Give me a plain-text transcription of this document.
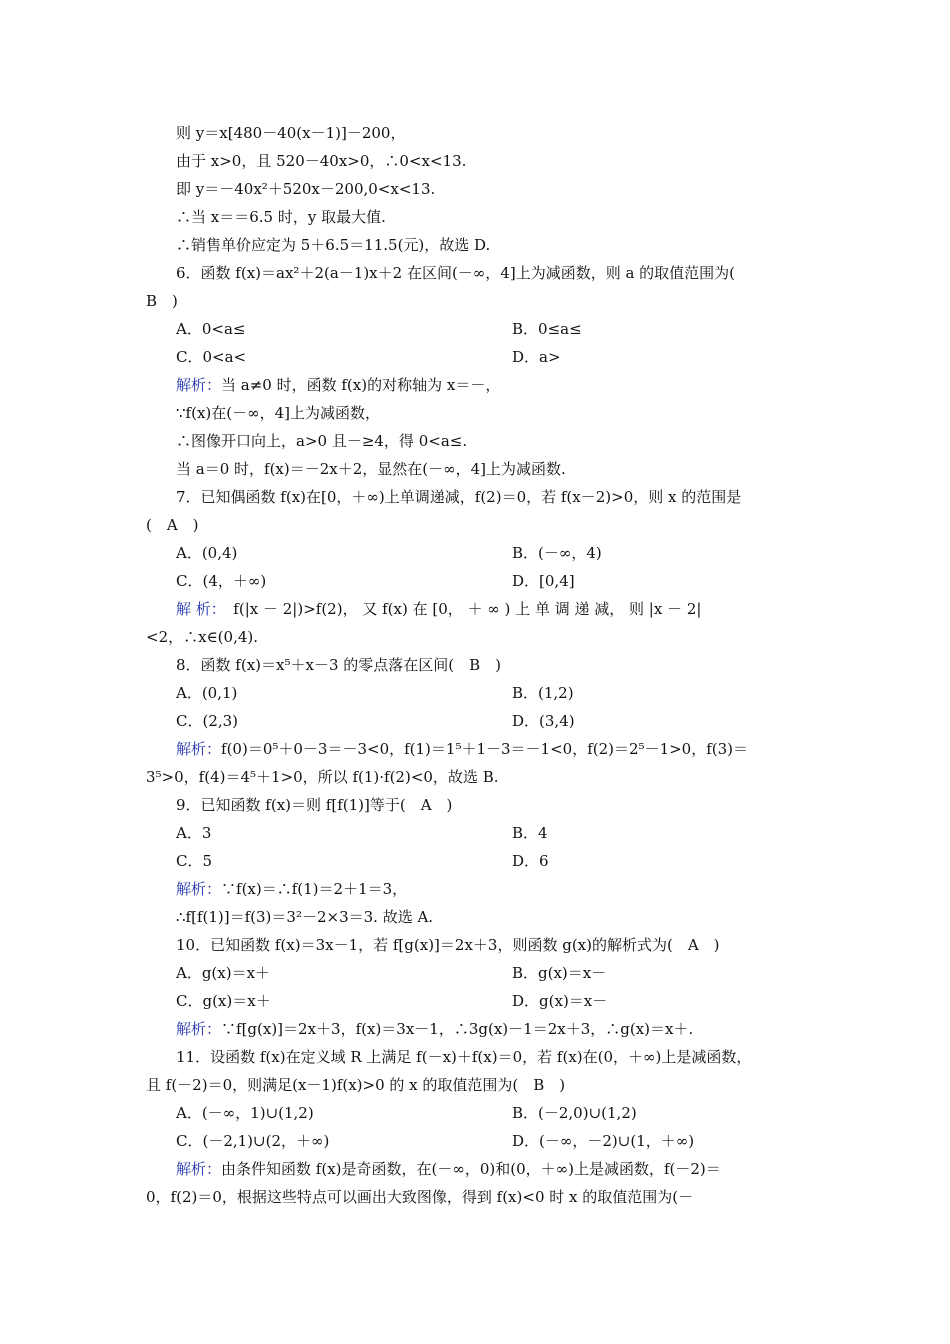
则 y＝x[480－40(x－1)]－200，
由于 x>0，且 520－40x>0，∴0<x<13.
即 y＝－40x²＋520x－200,0<x<13.
∴当 x＝＝6.5 时，y 取最大值.
∴销售单价应定为 5＋6.5＝11.5(元)，故选 D.
6．函数 f(x)＝ax²＋2(a－1)x＋2 在区间(－∞，4]上为减函数，则 a 的取值范围为(
B　)
A．0<a≤	B．0≤a≤
C．0<a<	D．a>
解析：当 a≠0 时，函数 f(x)的对称轴为 x＝－，
∵f(x)在(－∞，4]上为减函数，
∴图像开口向上，a>0 且－≥4，得 0<a≤.
当 a＝0 时，f(x)＝－2x＋2，显然在(－∞，4]上为减函数.
7．已知偶函数 f(x)在[0，＋∞)上单调递减，f(2)＝0，若 f(x－2)>0，则 x 的范围是
(　A　)
A．(0,4)	B．(－∞，4)
C．(4，＋∞)	D．[0,4]
解 析：　 f(|x － 2|)>f(2)， 又 f(x) 在 [0， ＋ ∞ ) 上 单 调 递 减， 则 |x － 2|
<2，∴x∈(0,4).
8．函数 f(x)＝x⁵＋x－3 的零点落在区间(　B　)
A．(0,1)	B．(1,2)
C．(2,3)	D．(3,4)
解析：f(0)＝0⁵＋0－3＝－3<0，f(1)＝1⁵＋1－3＝－1<0，f(2)＝2⁵－1>0，f(3)＝
3⁵>0，f(4)＝4⁵＋1>0，所以 f(1)·f(2)<0，故选 B.
9．已知函数 f(x)＝则 f[f(1)]等于(　A　)
A．3	B．4
C．5	D．6
解析：∵f(x)＝∴f(1)＝2＋1＝3，
∴f[f(1)]＝f(3)＝3²－2×3＝3. 故选 A.
10．已知函数 f(x)＝3x－1，若 f[g(x)]＝2x＋3，则函数 g(x)的解析式为(　A　)
A．g(x)＝x＋	B．g(x)＝x－
C．g(x)＝x＋	D．g(x)＝x－
解析：∵f[g(x)]＝2x＋3，f(x)＝3x－1，∴3g(x)－1＝2x＋3，∴g(x)＝x＋.
11．设函数 f(x)在定义域 R 上满足 f(－x)＋f(x)＝0，若 f(x)在(0，＋∞)上是减函数，
且 f(－2)＝0，则满足(x－1)f(x)>0 的 x 的取值范围为(　B　)
A．(－∞，1)∪(1,2)	B．(－2,0)∪(1,2)
C．(－2,1)∪(2，＋∞)	D．(－∞，－2)∪(1，＋∞)
解析：由条件知函数 f(x)是奇函数，在(－∞，0)和(0，＋∞)上是减函数，f(－2)＝
0，f(2)＝0，根据这些特点可以画出大致图像，得到 f(x)<0 时 x 的取值范围为(－
